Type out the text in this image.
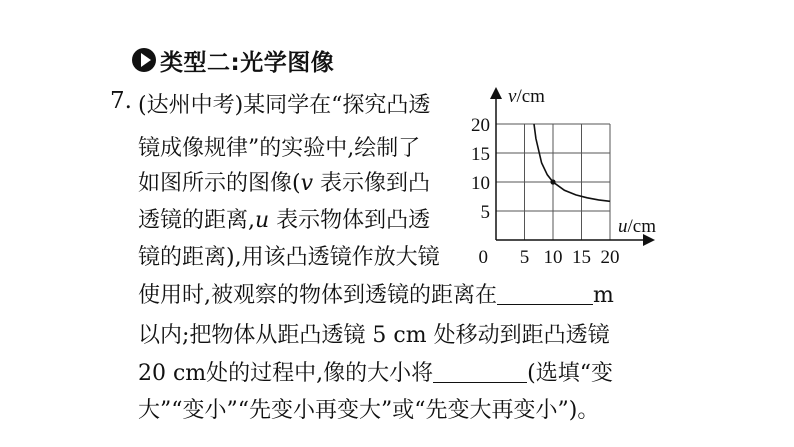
类型二:光学图像
7. (达州中考)某同学在“探究凸透
镜成像规律”的实验中,绘制了
如图所示的图像(v 表示像到凸
透镜的距离,u 表示物体到凸透
镜的距离),用该凸透镜作放大镜
使用时,被观察的物体到透镜的距离在	m
以内;把物体从距凸透镜 5 cm 处移动到距凸透镜
20 cm处的过程中,像的大小将	(选填“变
大”“变小”“先变小再变大”或“先变大再变小”)。
5 10 15 20
5
10
15
20
0
v/cm
u/cm
